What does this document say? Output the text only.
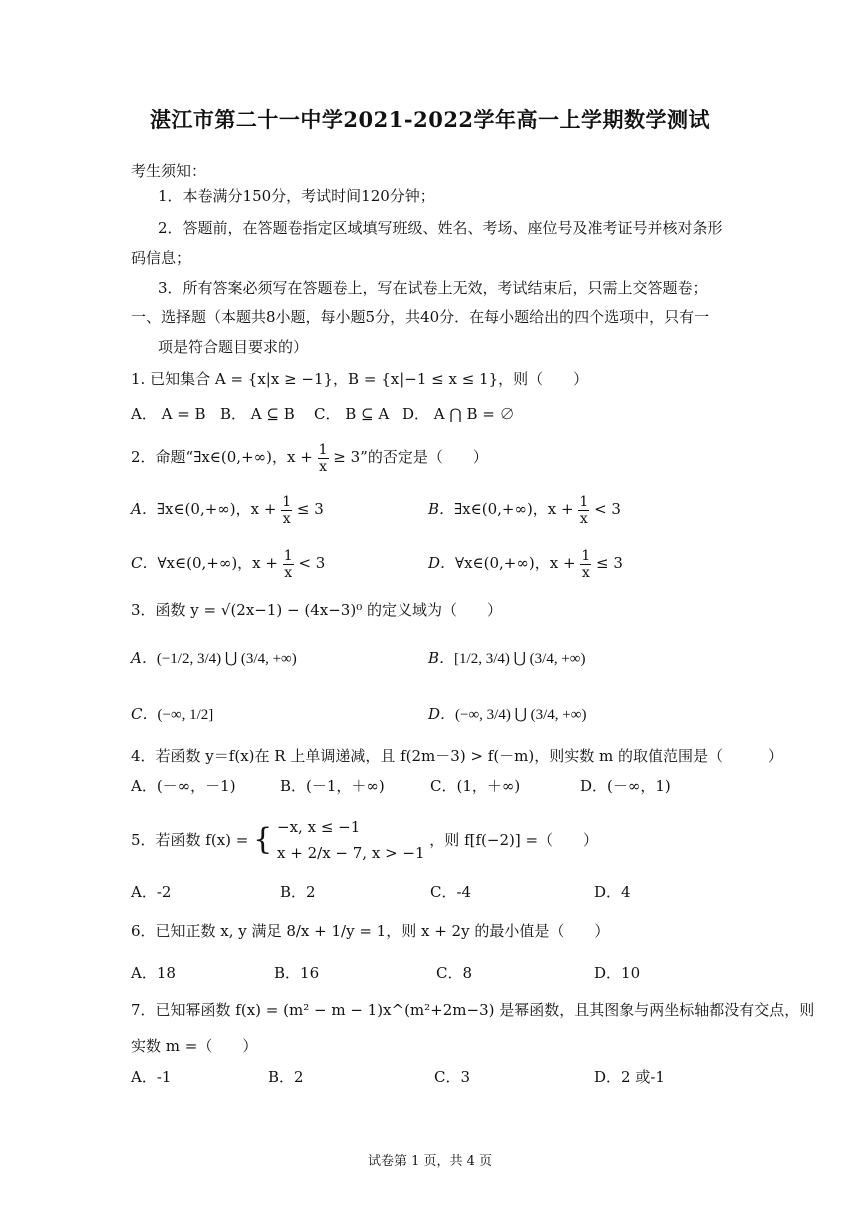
湛江市第二十一中学2021-2022学年高一上学期数学测试
考生须知：
1．本卷满分150分，考试时间120分钟；
2．答题前，在答题卷指定区域填写班级、姓名、考场、座位号及准考证号并核对条形
码信息；
3．所有答案必须写在答题卷上，写在试卷上无效，考试结束后，只需上交答题卷；
一、选择题（本题共8小题，每小题5分，共40分．在每小题给出的四个选项中，只有一
项是符合题目要求的）
1. 已知集合 A = {x|x ≥ −1}，B = {x|−1 ≤ x ≤ 1}，则（　　）
A． A = B B． A ⊆ B C． B ⊆ A D． A ⋂ B = ∅
2．命题“∃x∈(0,+∞)，$x + \frac{1}{x} \ge 3$”的否定是（　　）
A．∃x∈(0,+∞)，$x + \frac{1}{x} \le 3$	B．∃x∈(0,+∞)，$x + \frac{1}{x} < 3$
C．∀x∈(0,+∞)，$x + \frac{1}{x} < 3$	D．∀x∈(0,+∞)，$x + \frac{1}{x} \le 3$
3．函数 y = √(2x−1) − (4x−3)⁰ 的定义域为（　　）
A．(−1/2, 3/4) ⋃ (3/4, +∞)	B．[1/2, 3/4) ⋃ (3/4, +∞)
C．(−∞, 1/2]	D．(−∞, 3/4) ⋃ (3/4, +∞)
4．若函数 y＝f(x)在 R 上单调递减，且 f(2m－3) > f(－m)，则实数 m 的取值范围是（　　　）
A．(－∞，－1)	B．(－1，＋∞)	C．(1，＋∞)	D．(－∞，1)
5．若函数 f(x) = { −x, x ≤ −1
x + 2/x − 7, x > −1
，则 f[f(−2)] =（　　）
A．-2	B．2	C．-4	D．4
6．已知正数 x, y 满足 8/x + 1/y = 1，则 x + 2y 的最小值是（　　）
A．18	B．16	C．8	D．10
7．已知幂函数 f(x) = (m² − m − 1)x^(m²+2m−3) 是幂函数，且其图象与两坐标轴都没有交点，则
实数 m =（　　）
A．-1	B．2	C．3	D．2 或-1
试卷第 1 页，共 4 页
